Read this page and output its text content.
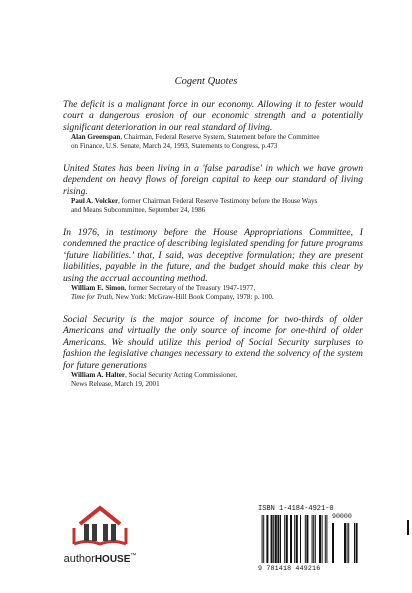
Cogent Quotes

The deficit is a malignant force in our economy. Allowing it to fester would court a dangerous erosion of our economic strength and a potentially significant deterioration in our real standard of living.

Alan Greenspan, Chairman, Federal Reserve System, Statement before the Committee
on Finance, U.S. Senate, March 24, 1993, Statements to Congress, p.473

United States has been living in a 'false paradise' in which we have grown dependent on heavy flows of foreign capital to keep our standard of living rising.

Paul A. Volcker, former Chairman Federal Reserve Testimony before the House Ways
and Means Subcommittee, September 24, 1986

In 1976, in testimony before the House Appropriations Committee, I condemned the practice of describing legislated spending for future programs ‘future liabilities.’ that, I said, was deceptive formulation; they are present liabilities, payable in the future, and the budget should make this clear by using the accrual accounting method.

William E. Simon, former Secretary of the Treasury 1947-1977,
Time for Truth, New York: McGraw-Hill Book Company, 1978: p. 100.

Social Security is the major source of income for two-thirds of older Americans and virtually the only source of income for one-third of older Americans. We should utilize this period of Social Security surpluses to fashion the legislative changes necessary to extend the solvency of the system for future generations

William A. Halter, Social Security Acting Commissioner,
News Release, March 19, 2001

authorHOUSE™
ISBN 1-4184-4921-0
90000
9 781418 449216
